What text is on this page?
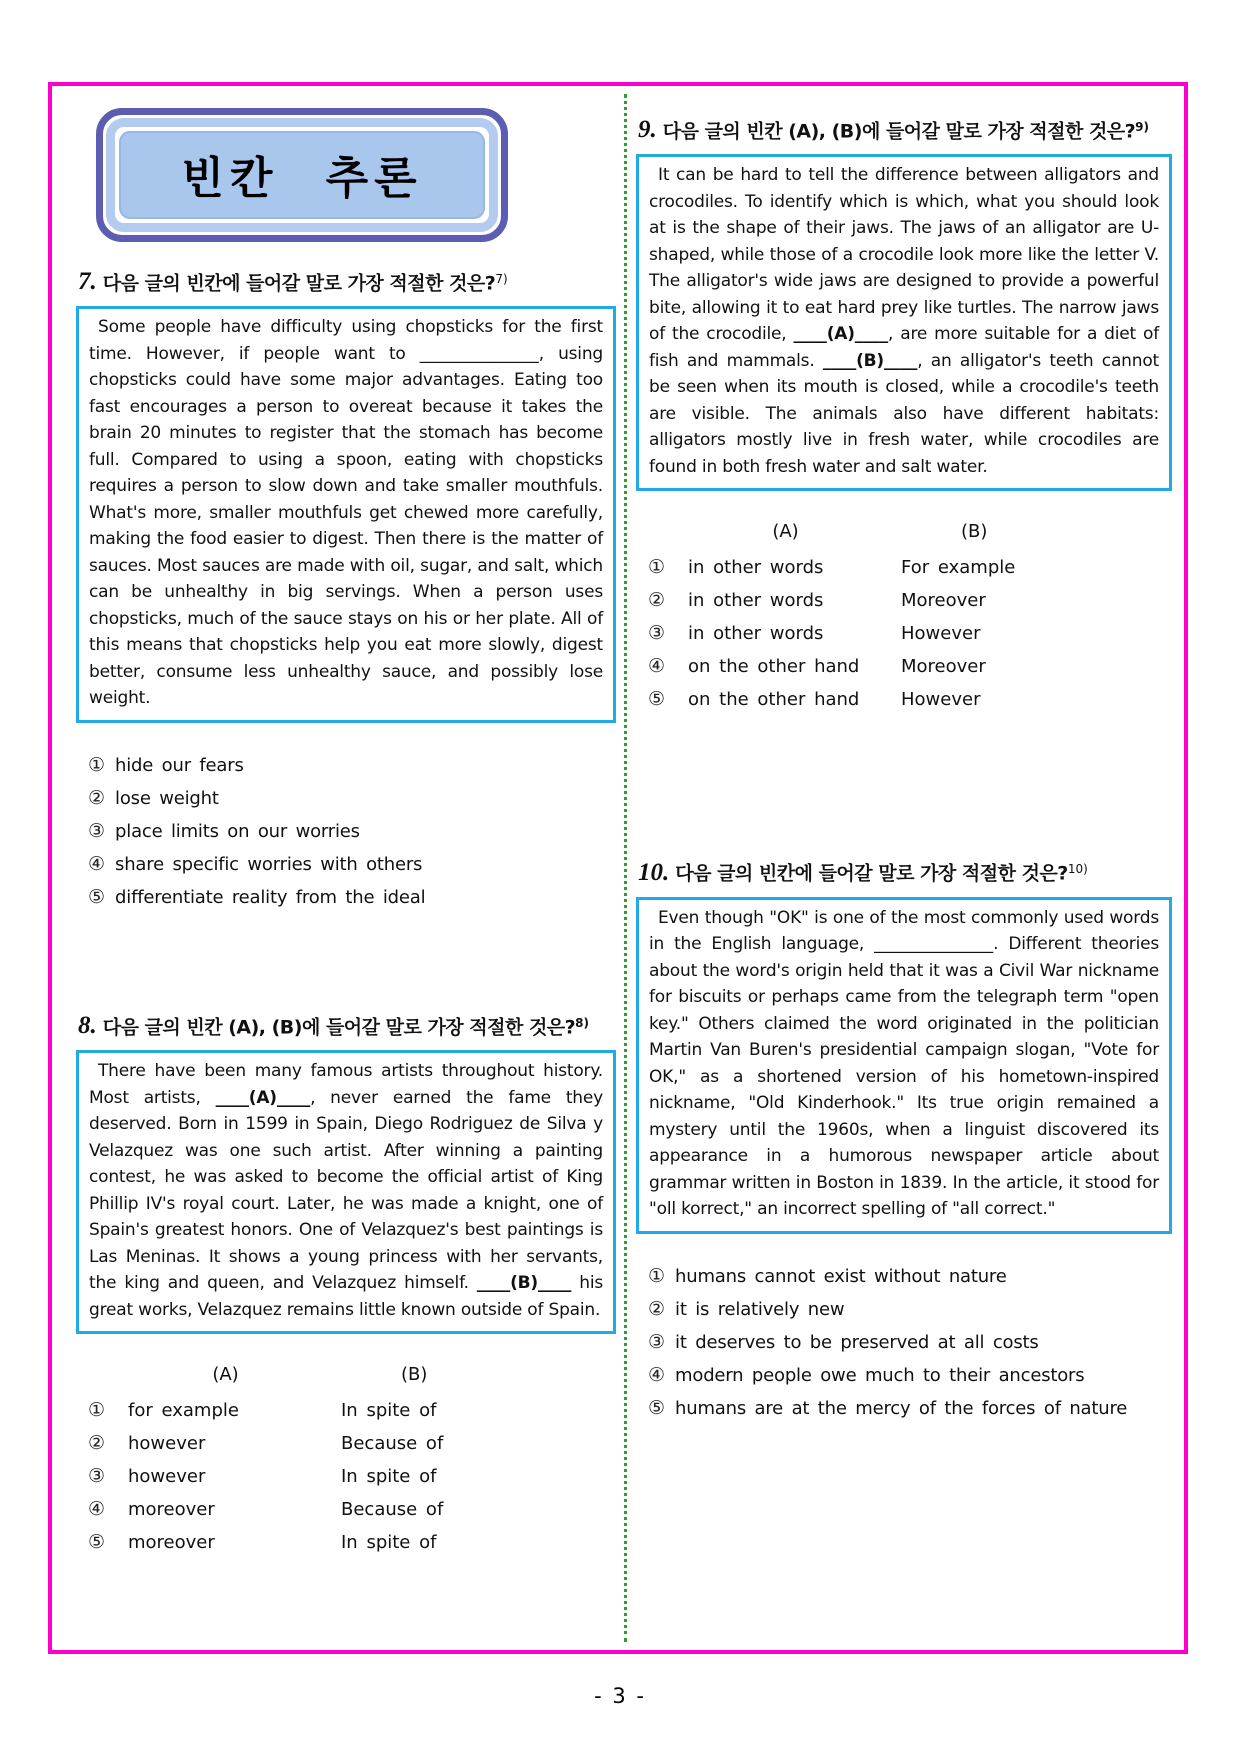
빈칸 추론
7. 다음 글의 빈칸에 들어갈 말로 가장 적절한 것은?$^{7)}$

Some people have difficulty using chopsticks for the first time. However, if people want to ______________, using chopsticks could have some major advantages. Eating too fast encourages a person to overeat because it takes the brain 20 minutes to register that the stomach has become full. Compared to using a spoon, eating with chopsticks requires a person to slow down and take smaller mouthfuls. What's more, smaller mouthfuls get chewed more carefully, making the food easier to digest. Then there is the matter of sauces. Most sauces are made with oil, sugar, and salt, which can be unhealthy in big servings. When a person uses chopsticks, much of the sauce stays on his or her plate. All of this means that chopsticks help you eat more slowly, digest better, consume less unhealthy sauce, and possibly lose weight.

① hide our fears
② lose weight
③ place limits on our worries
④ share specific worries with others
⑤ differentiate reality from the ideal
8. 다음 글의 빈칸 (A), (B)에 들어갈 말로 가장 적절한 것은?$^{8)}$

There have been many famous artists throughout history. Most artists, ____(A)____, never earned the fame they deserved. Born in 1599 in Spain, Diego Rodriguez de Silva y Velazquez was one such artist. After winning a painting contest, he was asked to become the official artist of King Phillip IV's royal court. Later, he was made a knight, one of Spain's greatest honors. One of Velazquez's best paintings is Las Meninas. It shows a young princess with her servants, the king and queen, and Velazquez himself. ____(B)____ his great works, Velazquez remains little known outside of Spain.

(A)	(B)
①	for example	In spite of
②	however	Because of
③	however	In spite of
④	moreover	Because of
⑤	moreover	In spite of
9. 다음 글의 빈칸 (A), (B)에 들어갈 말로 가장 적절한 것은?$^{9)}$

It can be hard to tell the difference between alligators and crocodiles. To identify which is which, what you should look at is the shape of their jaws. The jaws of an alligator are U-shaped, while those of a crocodile look more like the letter V. The alligator's wide jaws are designed to provide a powerful bite, allowing it to eat hard prey like turtles. The narrow jaws of the crocodile, ____(A)____, are more suitable for a diet of fish and mammals. ____(B)____, an alligator's teeth cannot be seen when its mouth is closed, while a crocodile's teeth are visible. The animals also have different habitats: alligators mostly live in fresh water, while crocodiles are found in both fresh water and salt water.

(A)	(B)
①	in other words	For example
②	in other words	Moreover
③	in other words	However
④	on the other hand	Moreover
⑤	on the other hand	However
10. 다음 글의 빈칸에 들어갈 말로 가장 적절한 것은?$^{10)}$

Even though "OK" is one of the most commonly used words in the English language, ______________. Different theories about the word's origin held that it was a Civil War nickname for biscuits or perhaps came from the telegraph term "open key." Others claimed the word originated in the politician Martin Van Buren's presidential campaign slogan, "Vote for OK," as a shortened version of his hometown-inspired nickname, "Old Kinderhook." Its true origin remained a mystery until the 1960s, when a linguist discovered its appearance in a humorous newspaper article about grammar written in Boston in 1839. In the article, it stood for "oll korrect," an incorrect spelling of "all correct."

① humans cannot exist without nature
② it is relatively new
③ it deserves to be preserved at all costs
④ modern people owe much to their ancestors
⑤ humans are at the mercy of the forces of nature
- 3 -
